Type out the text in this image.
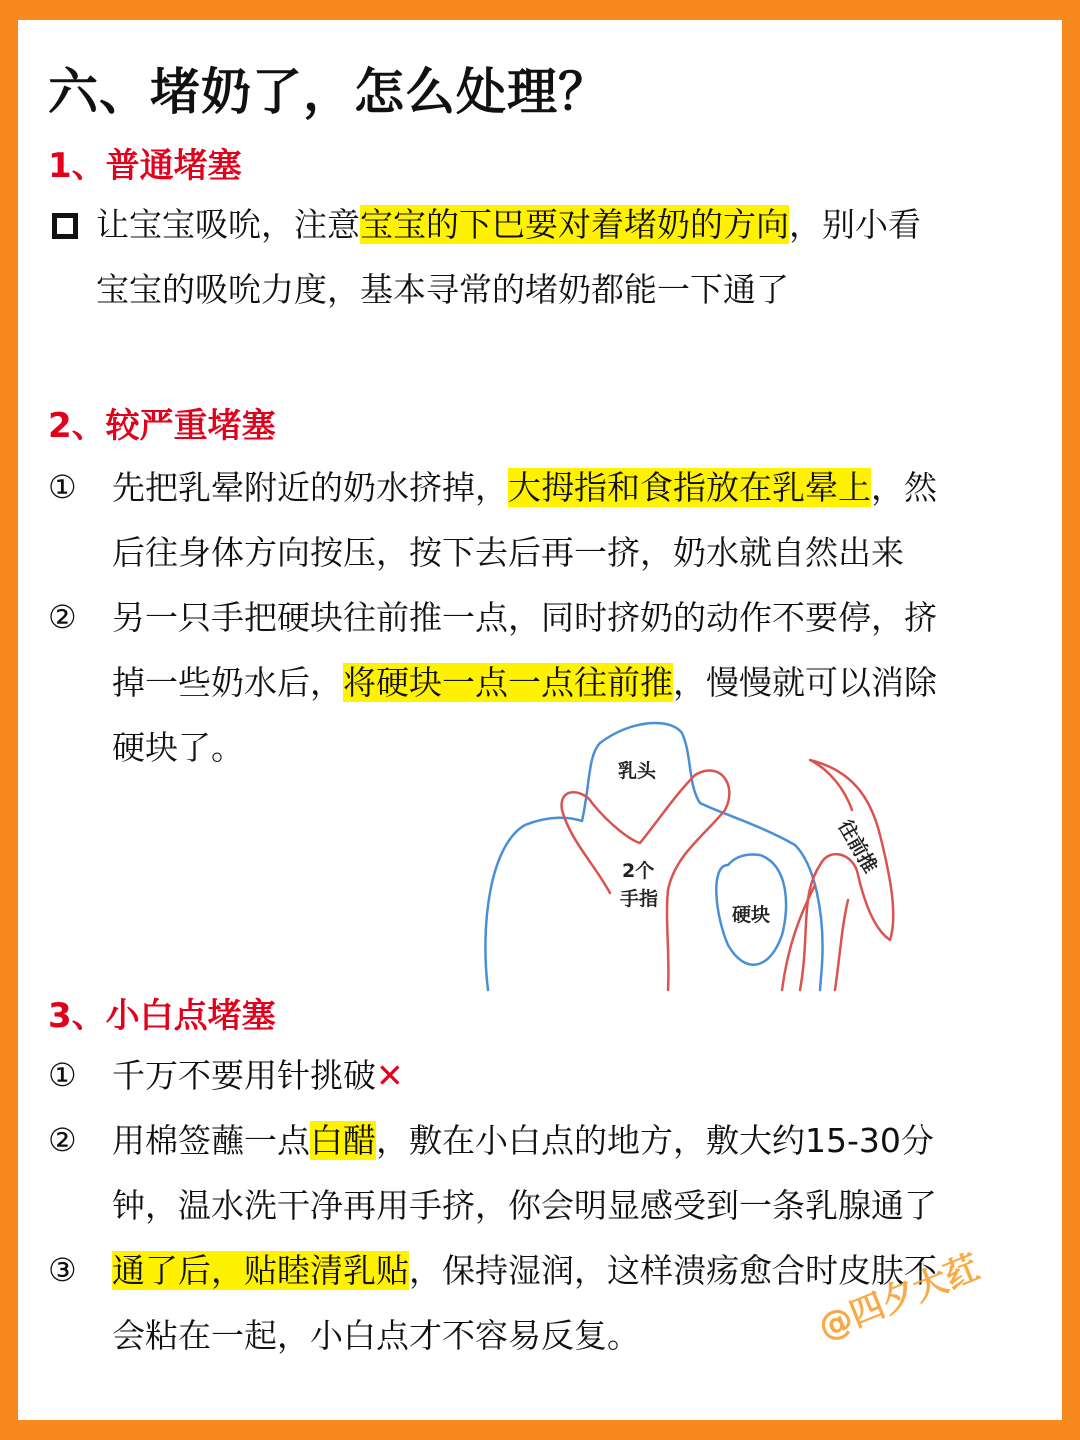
六、堵奶了，怎么处理？
1、普通堵塞
让宝宝吸吮，注意宝宝的下巴要对着堵奶的方向，别小看
宝宝的吸吮力度，基本寻常的堵奶都能一下通了
2、较严重堵塞
① 先把乳晕附近的奶水挤掉，大拇指和食指放在乳晕上，然
后往身体方向按压，按下去后再一挤，奶水就自然出来
② 另一只手把硬块往前推一点，同时挤奶的动作不要停，挤
掉一些奶水后，将硬块一点一点往前推，慢慢就可以消除
硬块了。
乳头
2个
手指
硬块
往前推
3、小白点堵塞
① 千万不要用针挑破✕
② 用棉签蘸一点白醋，敷在小白点的地方，敷大约15-30分
钟，温水洗干净再用手挤，你会明显感受到一条乳腺通了
③ 通了后，贴睦清乳贴，保持湿润，这样溃疡愈合时皮肤不
会粘在一起，小白点才不容易反复。	@四夕大荭
